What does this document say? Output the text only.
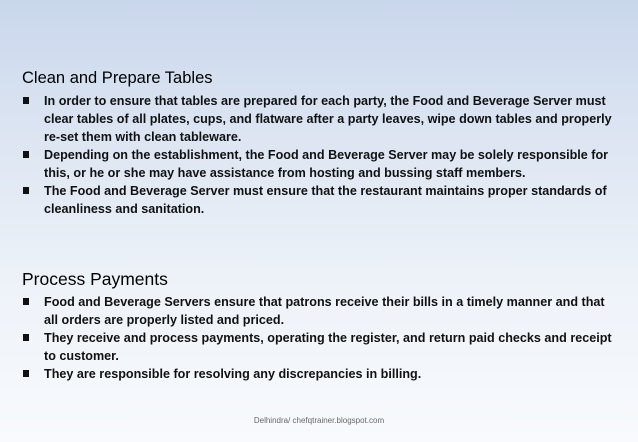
Clean and Prepare Tables
In order to ensure that tables are prepared for each party, the Food and Beverage Server must clear tables of all plates, cups, and flatware after a party leaves, wipe down tables and properly re-set them with clean tableware.
Depending on the establishment, the Food and Beverage Server may be solely responsible for this, or he or she may have assistance from hosting and bussing staff members.
The Food and Beverage Server must ensure that the restaurant maintains proper standards of cleanliness and sanitation.
Process Payments
Food and Beverage Servers ensure that patrons receive their bills in a timely manner and that all orders are properly listed and priced.
They receive and process payments, operating the register, and return paid checks and receipt to customer.
They are responsible for resolving any discrepancies in billing.
Delhindra/ chefqtrainer.blogspot.com
